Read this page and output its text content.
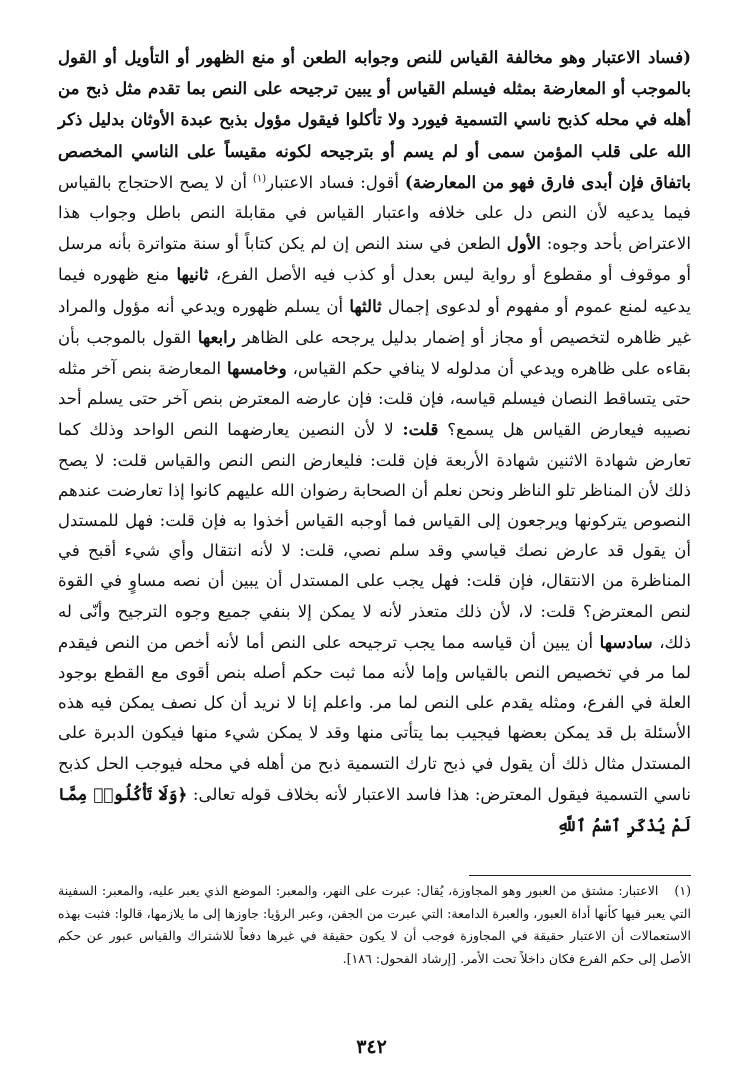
(فساد الاعتبار وهو مخالفة القياس للنص وجوابه الطعن أو منع الظهور أو التأويل أو القول بالموجب أو المعارضة بمثله فيسلم القياس أو يبين ترجيحه على النص بما تقدم مثل ذبح من أهله في محله كذبح ناسي التسمية فيورد ولا تأكلوا فيقول مؤول بذبح عبدة الأوثان بدليل ذكر الله على قلب المؤمن سمى أو لم يسم أو بترجيحه لكونه مقيساً على الناسي المخصص باتفاق فإن أبدى فارق فهو من المعارضة) أقول: فساد الاعتبار$^{(١)}$ أن لا يصح الاحتجاج بالقياس فيما يدعيه لأن النص دل على خلافه واعتبار القياس في مقابلة النص باطل وجواب هذا الاعتراض بأحد وجوه: الأول الطعن في سند النص إن لم يكن كتاباً أو سنة متواترة بأنه مرسل أو موقوف أو مقطوع أو رواية ليس بعدل أو كذب فيه الأصل الفرع، ثانيها منع ظهوره فيما يدعيه لمنع عموم أو مفهوم أو لدعوى إجمال ثالثها أن يسلم ظهوره ويدعي أنه مؤول والمراد غير ظاهره لتخصيص أو مجاز أو إضمار بدليل يرجحه على الظاهر رابعها القول بالموجب بأن بقاءه على ظاهره ويدعي أن مدلوله لا ينافي حكم القياس، وخامسها المعارضة بنص آخر مثله حتى يتساقط النصان فيسلم قياسه، فإن قلت: فإن عارضه المعترض بنص آخر حتى يسلم أحد نصيبه فيعارض القياس هل يسمع؟ قلت: لا لأن النصين يعارضهما النص الواحد وذلك كما تعارض شهادة الاثنين شهادة الأربعة فإن قلت: فليعارض النص النص والقياس قلت: لا يصح ذلك لأن المناظر تلو الناظر ونحن نعلم أن الصحابة رضوان الله عليهم كانوا إذا تعارضت عندهم النصوص يتركونها ويرجعون إلى القياس فما أوجبه القياس أخذوا به فإن قلت: فهل للمستدل أن يقول قد عارض نصك قياسي وقد سلم نصي، قلت: لا لأنه انتقال وأي شيء أقبح في المناظرة من الانتقال، فإن قلت: فهل يجب على المستدل أن يبين أن نصه مساوٍ في القوة لنص المعترض؟ قلت: لا، لأن ذلك متعذر لأنه لا يمكن إلا بنفي جميع وجوه الترجيح وأنّى له ذلك، سادسها أن يبين أن قياسه مما يجب ترجيحه على النص أما لأنه أخص من النص فيقدم لما مر في تخصيص النص بالقياس وإما لأنه مما ثبت حكم أصله بنص أقوى مع القطع بوجود العلة في الفرع، ومثله يقدم على النص لما مر. واعلم إنا لا نريد أن كل نصف يمكن فيه هذه الأسئلة بل قد يمكن بعضها فيجيب بما يتأتى منها وقد لا يمكن شيء منها فيكون الدبرة على المستدل مثال ذلك أن يقول في ذبح تارك التسمية ذبح من أهله في محله فيوجب الحل كذبح ناسي التسمية فيقول المعترض: هذا فاسد الاعتبار لأنه بخلاف قوله تعالى: ﴿وَلَا تَأْكُلُوا۟ مِمَّا لَمْ يُذْكَرِ ٱسْمُ ٱللَّهِ

(١)الاعتبار: مشتق من العبور وهو المجاوزة، يُقال: عبرت على النهر، والمعبر: الموضع الذي يعبر عليه، والمعبر: السفينة التي يعبر فيها كأنها أداة العبور، والعبرة الدامعة: التي عبرت من الجفن، وعبر الرؤيا: جاوزها إلى ما يلازمها، قالوا: فثبت بهذه الاستعمالات أن الاعتبار حقيقة في المجاوزة فوجب أن لا يكون حقيقة في غيرها دفعاً للاشتراك والقياس عبور عن حكم الأصل إلى حكم الفرع فكان داخلاً تحت الأمر. [إرشاد الفحول: ١٨٦].

٣٤٢
